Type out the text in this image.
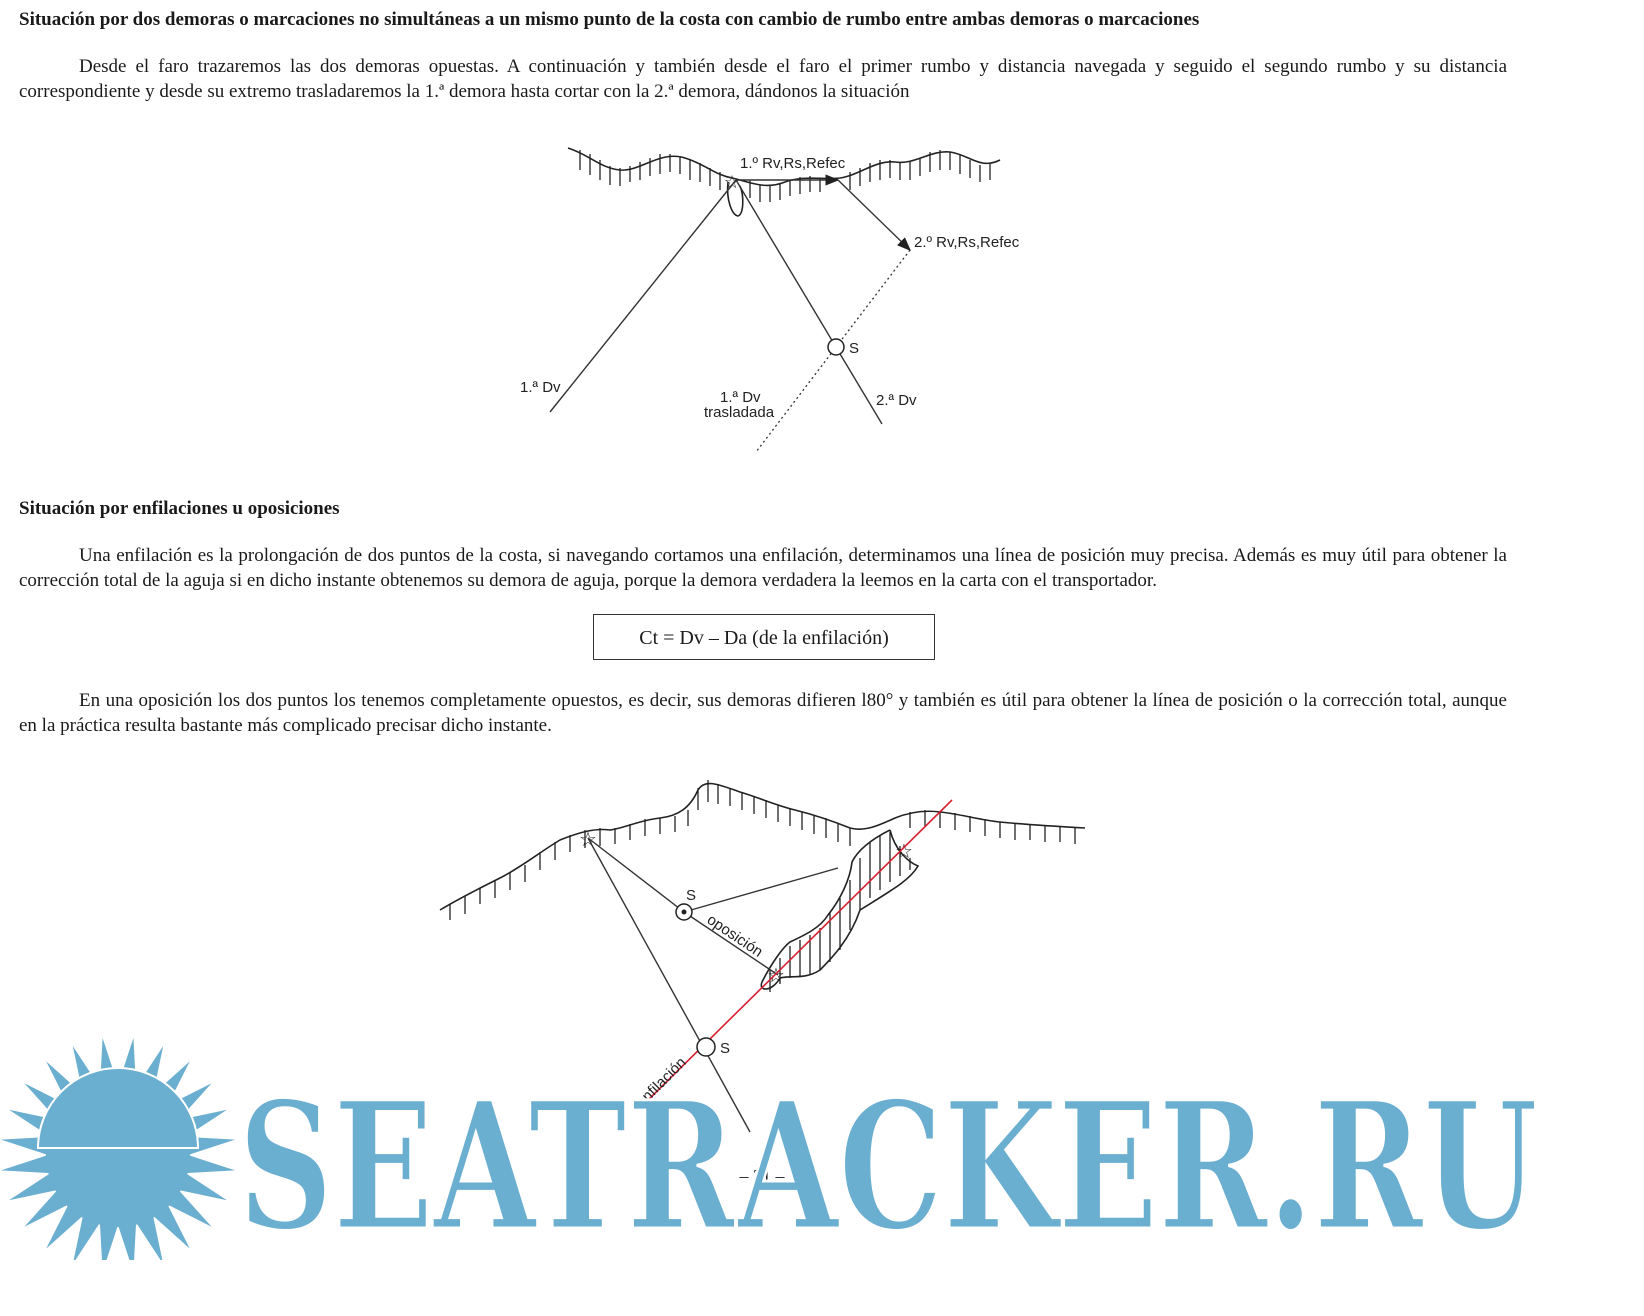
Situación por dos demoras o marcaciones no simultáneas a un mismo punto de la costa con cambio de rumbo entre ambas demoras o marcaciones
Desde el faro trazaremos las dos demoras opuestas. A continuación y también desde el faro el primer rumbo y distancia navegada y seguido el segundo rumbo y su distancia correspondiente y desde su extremo trasladaremos la 1.ª demora hasta cortar con la 2.ª demora, dándonos la situación
☆
1.º Rv,Rs,Refec
2.º Rv,Rs,Refec
1.ª Dv
1.ª Dv
trasladada
2.ª Dv
S
Situación por enfilaciones u oposiciones
Una enfilación es la prolongación de dos puntos de la costa, si navegando cortamos una enfilación, determinamos una línea de posición muy precisa. Además es muy útil para obtener la corrección total de la aguja si en dicho instante obtenemos su demora de aguja, porque la demora verdadera la leemos en la carta con el transportador.
Ct = Dv – Da (de la enfilación)
En una oposición los dos puntos los tenemos completamente opuestos, es decir, sus demoras difieren l80° y también es útil para obtener la línea de posición o la corrección total, aunque en la práctica resulta bastante más complicado precisar dicho instante.
☆
☆
☆
S
S
oposición
enfilación
– 21 –
SEATRACKER.RU
